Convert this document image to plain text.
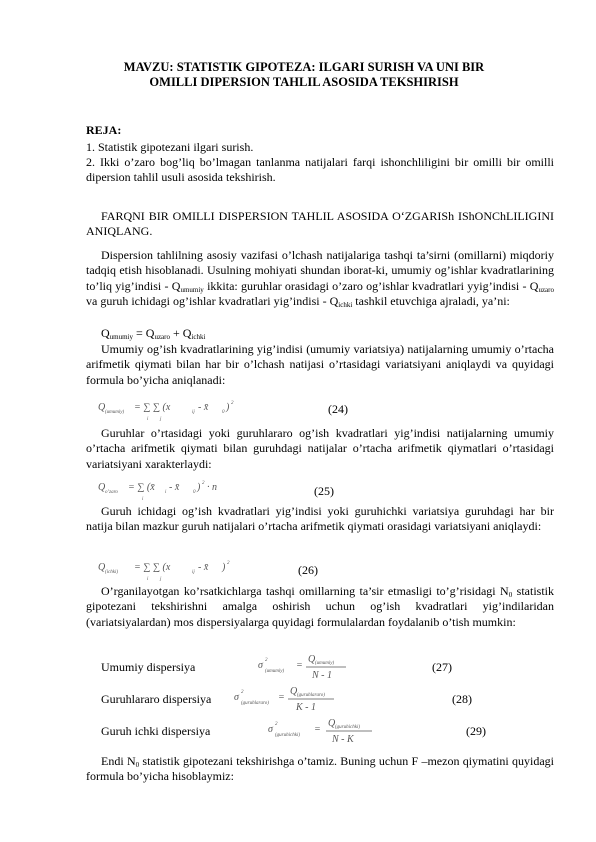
MAVZU: STATISTIK GIPOTEZA: ILGARI SURISH VA UNI BIR
OMILLI DIPERSION TAHLIL ASOSIDA TEKSHIRISH
REJA:
1. Statistik gipotezani ilgari surish.
2. Ikki o’zaro bog’liq bo’lmagan tanlanma natijalari farqi ishonchliligini bir omilli bir omilli dipersion tahlil usuli asosida tekshirish.
FARQNI BIR OMILLI DISPERSION TAHLIL ASOSIDA O‘ZGARISh IShONChLILIGINI ANIQLANG.
Dispersion tahlilning asosiy vazifasi o’lchash natijalariga tashqi ta’sirni (omillarni) miqdoriy tadqiq etish hisoblanadi. Usulning mohiyati shundan iborat-ki, umumiy og’ishlar kvadratlarining to’liq yig’indisi - $Q_{umumiy}$ ikkita: guruhlar orasidagi o’zaro og’ishlar kvadratlari yyig’indisi - $Q_{uzaro}$ va guruh ichidagi og’ishlar kvadratlari yig’indisi - $Q_{ichki}$ tashkil etuvchiga ajraladi, ya’ni:
$Q_{umumiy} = Q_{uzaro} + Q_{ichki}$
Umumiy og’ish kvadratlarining yig’indisi (umumiy variatsiya) natijalarning umumiy o’rtacha arifmetik qiymati bilan har bir o’lchash natijasi o’rtasidagi variatsiyani aniqlaydi va quyidagi formula bo’yicha aniqlanadi:
Q (umumiy) = ∑ ∑ (x	ij - x̄	0 ) 2
i j
(24)
Guruhlar o’rtasidagi yoki guruhlararo og’ish kvadratlari yig’indisi natijalarning umumiy o’rtacha arifmetik qiymati bilan guruhdagi natijalar o’rtacha arifmetik qiymatlari o’rtasidagi variatsiyani xarakterlaydi:
Q o’zaro = ∑ (x̄ i - x̄	0 ) 2 · n
i
(25)
Guruh ichidagi og’ish kvadratlari yig’indisi yoki guruhichki variatsiya guruhdagi har bir natija bilan mazkur guruh natijalari o’rtacha arifmetik qiymati orasidagi variatsiyani aniqlaydi:
Q (ichki) = ∑ ∑ (x	ij - x̄ ) 2
i j
(26)
O’rganilayotgan ko’rsatkichlarga tashqi omillarning ta’sir etmasligi to’g’risidagi $N_0$ statistik gipotezani tekshirishni amalga oshirish uchun og’ish kvadratlari yig’indilaridan (variatsiyalardan) mos dispersiyalarga quyidagi formulalardan foydalanib o’tish mumkin:
Umumiy dispersiya	σ 2
(umumiy)
=
Q (umumiy)
N - 1
(27)
Guruhlararo dispersiya σ 2
(guruhlararo)
=
Q (guruhlararo)
K - 1
(28)
Guruh ichki dispersiya	σ 2
(guruhichki)
=
Q (guruhichki)
N - K
(29)
Endi $N_0$ statistik gipotezani tekshirishga o’tamiz. Buning uchun F –mezon qiymatini quyidagi formula bo’yicha hisoblaymiz:
